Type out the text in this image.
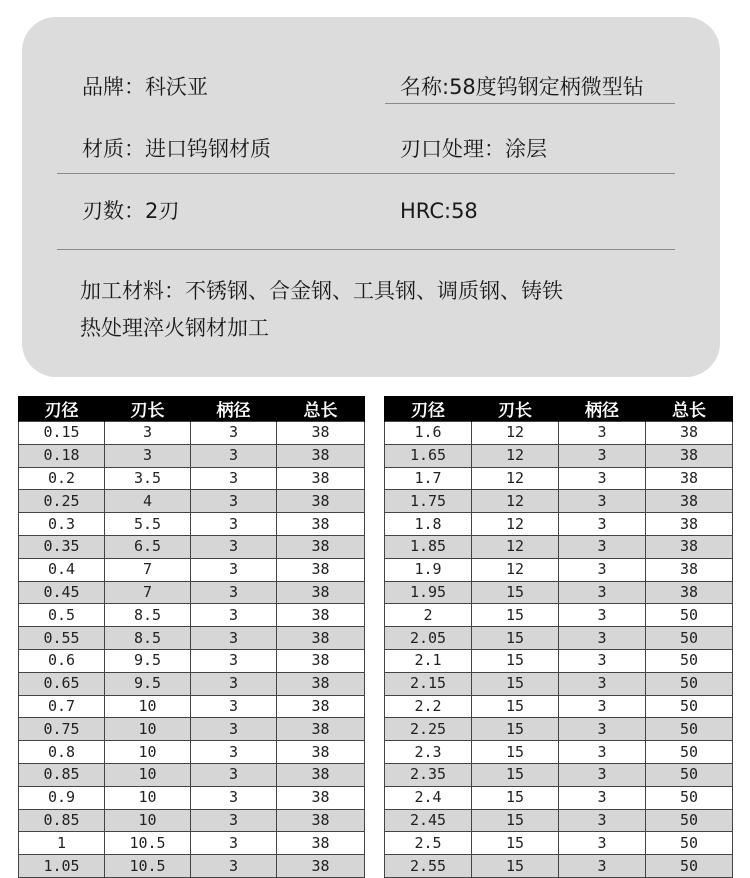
品牌：科沃亚	名称:58度钨钢定柄微型钻
材质：进口钨钢材质	刃口处理：涂层
刃数：2刃	HRC:58
加工材料：不锈钢、合金钢、工具钢、调质钢、铸铁
热处理淬火钢材加工
刃径	刃长	柄径	总长
0.15	3	3	38
0.18	3	3	38
0.2	3.5	3	38
0.25	4	3	38
0.3	5.5	3	38
0.35	6.5	3	38
0.4	7	3	38
0.45	7	3	38
0.5	8.5	3	38
0.55	8.5	3	38
0.6	9.5	3	38
0.65	9.5	3	38
0.7	10	3	38
0.75	10	3	38
0.8	10	3	38
0.85	10	3	38
0.9	10	3	38
0.85	10	3	38
1	10.5	3	38
1.05	10.5	3	38
刃径	刃长	柄径	总长
1.6	12	3	38
1.65	12	3	38
1.7	12	3	38
1.75	12	3	38
1.8	12	3	38
1.85	12	3	38
1.9	12	3	38
1.95	15	3	38
2	15	3	50
2.05	15	3	50
2.1	15	3	50
2.15	15	3	50
2.2	15	3	50
2.25	15	3	50
2.3	15	3	50
2.35	15	3	50
2.4	15	3	50
2.45	15	3	50
2.5	15	3	50
2.55	15	3	50
